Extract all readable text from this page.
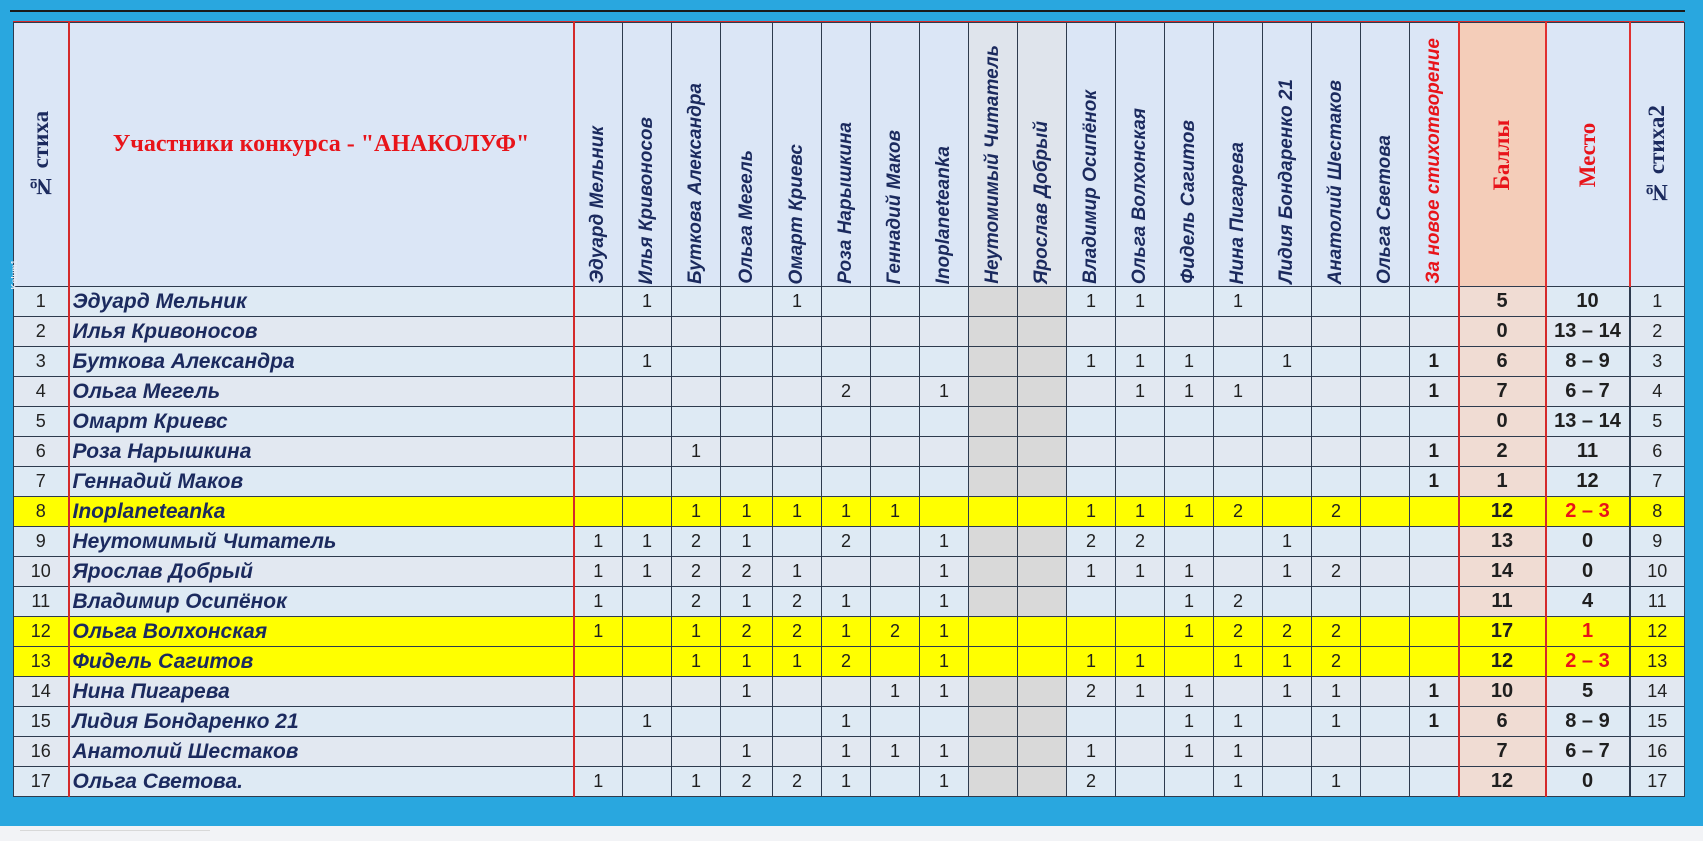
Kolum1
№ стиха	Участники конкурса - "АНАКОЛУФ"	Эдуард Мельник	Илья Кривоносов	Буткова Александра	Ольга Мегель	Омарт Криевс	Роза Нарышкина	Геннадий Маков	Inoplaneteanka	Неутомимый Читатель	Ярослав Добрый	Владимир Осипёнок	Ольга Волхонская	Фидель Сагитов	Нина Пигарева	Лидия Бондаренко 21	Анатолий Шестаков	Ольга Светова	За новое стихотворение	Баллы	Место	№ стиха2

1	Эдуард Мельник		1			1						1	1		1					5	10	1
2	Илья Кривоносов																			0	13 – 14	2
3	Буткова Александра		1									1	1	1		1			1	6	8 – 9	3
4	Ольга Мегель						2		1				1	1	1				1	7	6 – 7	4
5	Омарт Криевс																			0	13 – 14	5
6	Роза Нарышкина			1															1	2	11	6
7	Геннадий Маков																		1	1	12	7
8	Inoplaneteanka			1	1	1	1	1				1	1	1	2		2			12	2 – 3	8
9	Неутомимый Читатель	1	1	2	1		2		1			2	2			1				13	0	9
10	Ярослав Добрый	1	1	2	2	1			1			1	1	1		1	2			14	0	10
11	Владимир Осипёнок	1		2	1	2	1		1					1	2					11	4	11
12	Ольга Волхонская	1		1	2	2	1	2	1					1	2	2	2			17	1	12
13	Фидель Сагитов			1	1	1	2		1			1	1		1	1	2			12	2 – 3	13
14	Нина Пигарева				1			1	1			2	1	1		1	1		1	10	5	14
15	Лидия Бондаренко 21		1				1							1	1		1		1	6	8 – 9	15
16	Анатолий Шестаков				1		1	1	1			1		1	1					7	6 – 7	16
17	Ольга Светова.	1		1	2	2	1		1			2			1		1			12	0	17
